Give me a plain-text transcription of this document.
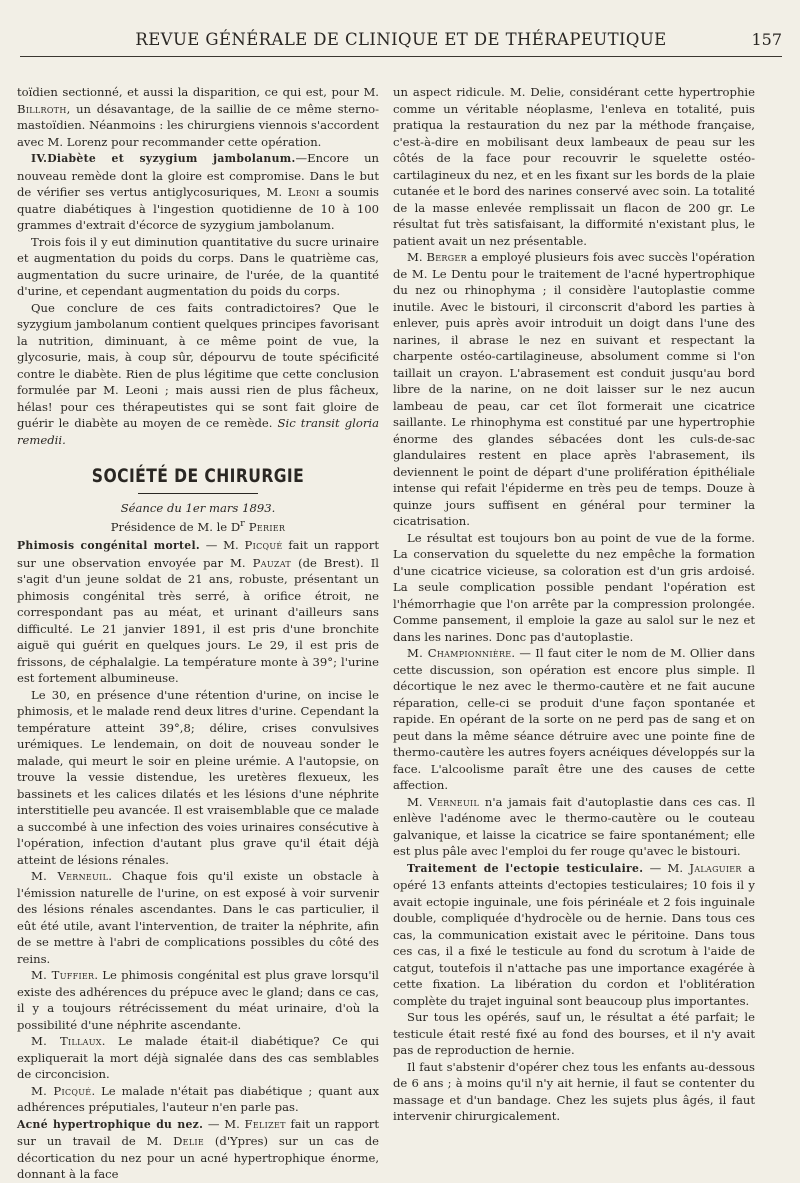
REVUE GÉNÉRALE DE CLINIQUE ET DE THÉRAPEUTIQUE	157

toïdien sectionné, et aussi la disparition, ce qui est, pour M. Billroth, un désavantage, de la saillie de ce même sterno-mastoïdien. Néanmoins : les chirurgiens viennois s'accordent avec M. Lorenz pour recommander cette opération.

IV.Diabète et syzygium jambolanum.—Encore un nouveau remède dont la gloire est compromise. Dans le but de vérifier ses vertus antiglycosuriques, M. Leoni a soumis quatre diabétiques à l'ingestion quotidienne de 10 à 100 grammes d'extrait d'écorce de syzygium jambolanum.

Trois fois il y eut diminution quantitative du sucre urinaire et augmentation du poids du corps. Dans le quatrième cas, augmentation du sucre urinaire, de l'urée, de la quantité d'urine, et cependant augmentation du poids du corps.

Que conclure de ces faits contradictoires? Que le syzygium jambolanum contient quelques principes favorisant la nutrition, diminuant, à ce même point de vue, la glycosurie, mais, à coup sûr, dépourvu de toute spécificité contre le diabète. Rien de plus légitime que cette conclusion formulée par M. Leoni ; mais aussi rien de plus fâcheux, hélas! pour ces thérapeutistes qui se sont fait gloire de guérir le diabète au moyen de ce remède. Sic transit gloria remedii.

SOCIÉTÉ DE CHIRURGIE
Séance du 1er mars 1893.
Présidence de M. le $D^r$ Perier

Phimosis congénital mortel. — M. Picqué fait un rapport sur une observation envoyée par M. Pauzat (de Brest). Il s'agit d'un jeune soldat de 21 ans, robuste, présentant un phimosis congénital très serré, à orifice étroit, ne correspondant pas au méat, et urinant d'ailleurs sans difficulté. Le 21 janvier 1891, il est pris d'une bronchite aiguë qui guérit en quelques jours. Le 29, il est pris de frissons, de céphalalgie. La température monte à 39°; l'urine est fortement albumineuse.

Le 30, en présence d'une rétention d'urine, on incise le phimosis, et le malade rend deux litres d'urine. Cependant la température atteint 39°,8; délire, crises convulsives urémiques. Le lendemain, on doit de nouveau sonder le malade, qui meurt le soir en pleine urémie. A l'autopsie, on trouve la vessie distendue, les uretères flexueux, les bassinets et les calices dilatés et les lésions d'une néphrite interstitielle peu avancée. Il est vraisemblable que ce malade a succombé à une infection des voies urinaires consécutive à l'opération, infection d'autant plus grave qu'il était déjà atteint de lésions rénales.

M. Verneuil. Chaque fois qu'il existe un obstacle à l'émission naturelle de l'urine, on est exposé à voir survenir des lésions rénales ascendantes. Dans le cas particulier, il eût été utile, avant l'intervention, de traiter la néphrite, afin de se mettre à l'abri de complications possibles du côté des reins.

M. Tuffier. Le phimosis congénital est plus grave lorsqu'il existe des adhérences du prépuce avec le gland; dans ce cas, il y a toujours rétrécissement du méat urinaire, d'où la possibilité d'une néphrite ascendante.

M. Tillaux. Le malade était-il diabétique? Ce qui expliquerait la mort déjà signalée dans des cas semblables de circoncision.

M. Picqué. Le malade n'était pas diabétique ; quant aux adhérences préputiales, l'auteur n'en parle pas.

Acné hypertrophique du nez. — M. Felizet fait un rapport sur un travail de M. Delie (d'Ypres) sur un cas de décortication du nez pour un acné hypertrophique énorme, donnant à la face

un aspect ridicule. M. Delie, considérant cette hypertrophie comme un véritable néoplasme, l'enleva en totalité, puis pratiqua la restauration du nez par la méthode française, c'est-à-dire en mobilisant deux lambeaux de peau sur les côtés de la face pour recouvrir le squelette ostéo-cartilagineux du nez, et en les fixant sur les bords de la plaie cutanée et le bord des narines conservé avec soin. La totalité de la masse enlevée remplissait un flacon de 200 gr. Le résultat fut très satisfaisant, la difformité n'existant plus, le patient avait un nez présentable.

M. Berger a employé plusieurs fois avec succès l'opération de M. Le Dentu pour le traitement de l'acné hypertrophique du nez ou rhinophyma ; il considère l'autoplastie comme inutile. Avec le bistouri, il circonscrit d'abord les parties à enlever, puis après avoir introduit un doigt dans l'une des narines, il abrase le nez en suivant et respectant la charpente ostéo-cartilagineuse, absolument comme si l'on taillait un crayon. L'abrasement est conduit jusqu'au bord libre de la narine, on ne doit laisser sur le nez aucun lambeau de peau, car cet îlot formerait une cicatrice saillante. Le rhinophyma est constitué par une hypertrophie énorme des glandes sébacées dont les culs-de-sac glandulaires restent en place après l'abrasement, ils deviennent le point de départ d'une prolifération épithéliale intense qui refait l'épiderme en très peu de temps. Douze à quinze jours suffisent en général pour terminer la cicatrisation.

Le résultat est toujours bon au point de vue de la forme. La conservation du squelette du nez empêche la formation d'une cicatrice vicieuse, sa coloration est d'un gris ardoisé. La seule complication possible pendant l'opération est l'hémorrhagie que l'on arrête par la compression prolongée. Comme pansement, il emploie la gaze au salol sur le nez et dans les narines. Donc pas d'autoplastie.

M. Championnière. — Il faut citer le nom de M. Ollier dans cette discussion, son opération est encore plus simple. Il décortique le nez avec le thermo-cautère et ne fait aucune réparation, celle-ci se produit d'une façon spontanée et rapide. En opérant de la sorte on ne perd pas de sang et on peut dans la même séance détruire avec une pointe fine de thermo-cautère les autres foyers acnéiques développés sur la face. L'alcoolisme paraît être une des causes de cette affection.

M. Verneuil n'a jamais fait d'autoplastie dans ces cas. Il enlève l'adénome avec le thermo-cautère ou le couteau galvanique, et laisse la cicatrice se faire spontanément; elle est plus pâle avec l'emploi du fer rouge qu'avec le bistouri.

Traitement de l'ectopie testiculaire. — M. Jalaguier a opéré 13 enfants atteints d'ectopies testiculaires; 10 fois il y avait ectopie inguinale, une fois périnéale et 2 fois inguinale double, compliquée d'hydrocèle ou de hernie. Dans tous ces cas, la communication existait avec le péritoine. Dans tous ces cas, il a fixé le testicule au fond du scrotum à l'aide de catgut, toutefois il n'attache pas une importance exagérée à cette fixation. La libération du cordon et l'oblitération complète du trajet inguinal sont beaucoup plus importantes.

Sur tous les opérés, sauf un, le résultat a été parfait; le testicule était resté fixé au fond des bourses, et il n'y avait pas de reproduction de hernie.

Il faut s'abstenir d'opérer chez tous les enfants au-dessous de 6 ans ; à moins qu'il n'y ait hernie, il faut se contenter du massage et d'un bandage. Chez les sujets plus âgés, il faut intervenir chirurgicalement.
